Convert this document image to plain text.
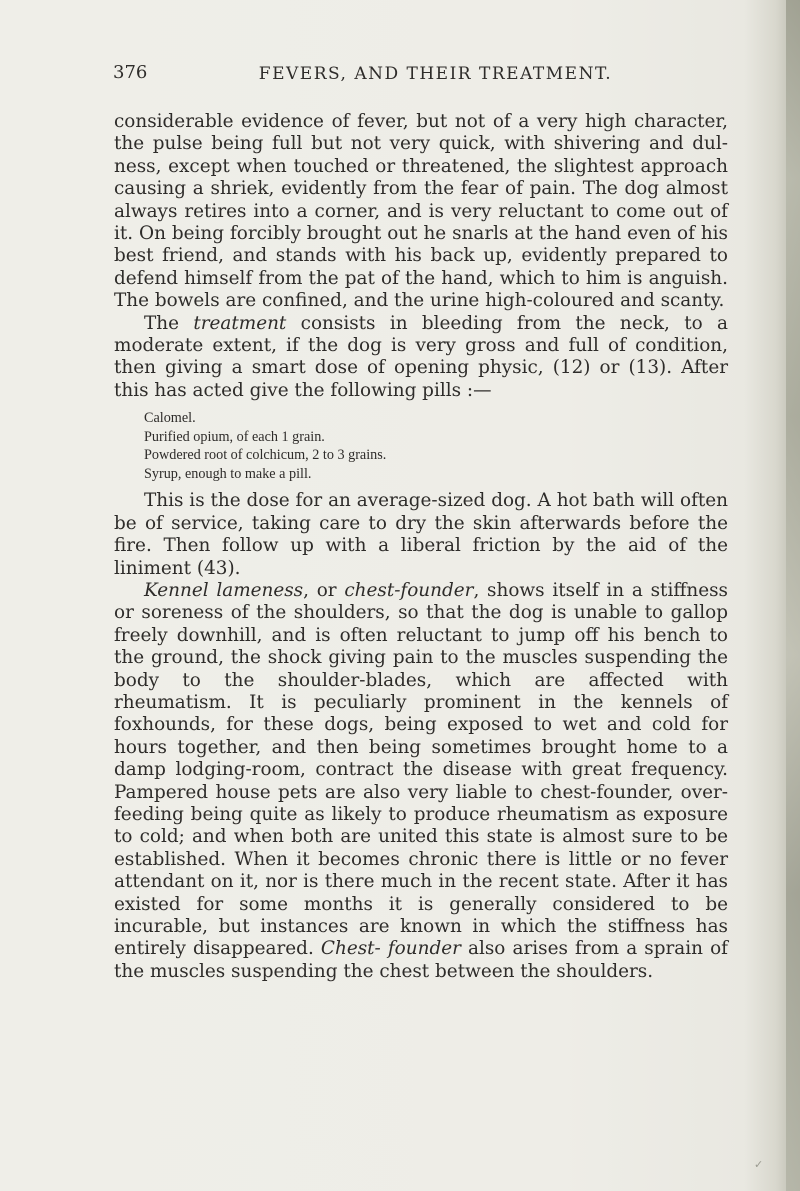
376	FEVERS, AND THEIR TREATMENT.

considerable evidence of fever, but not of a very high character, the pulse being full but not very quick, with shivering and dul- ness, except when touched or threatened, the slightest approach causing a shriek, evidently from the fear of pain. The dog almost always retires into a corner, and is very reluctant to come out of it. On being forcibly brought out he snarls at the hand even of his best friend, and stands with his back up, evidently prepared to defend himself from the pat of the hand, which to him is anguish. The bowels are confined, and the urine high-coloured and scanty.

The treatment consists in bleeding from the neck, to a moderate extent, if the dog is very gross and full of condition, then giving a smart dose of opening physic, (12) or (13). After this has acted give the following pills :—

Calomel.
Purified opium, of each 1 grain.
Powdered root of colchicum, 2 to 3 grains.
Syrup, enough to make a pill.

This is the dose for an average-sized dog. A hot bath will often be of service, taking care to dry the skin afterwards before the fire. Then follow up with a liberal friction by the aid of the liniment (43).

Kennel lameness, or chest-founder, shows itself in a stiffness or soreness of the shoulders, so that the dog is unable to gallop freely downhill, and is often reluctant to jump off his bench to the ground, the shock giving pain to the muscles suspending the body to the shoulder-blades, which are affected with rheumatism. It is peculiarly prominent in the kennels of foxhounds, for these dogs, being exposed to wet and cold for hours together, and then being sometimes brought home to a damp lodging-room, contract the disease with great frequency. Pampered house pets are also very liable to chest-founder, over-feeding being quite as likely to produce rheumatism as exposure to cold; and when both are united this state is almost sure to be established. When it becomes chronic there is little or no fever attendant on it, nor is there much in the recent state. After it has existed for some months it is generally considered to be incurable, but instances are known in which the stiffness has entirely disappeared. Chest- founder also arises from a sprain of the muscles suspending the chest between the shoulders.

✓
